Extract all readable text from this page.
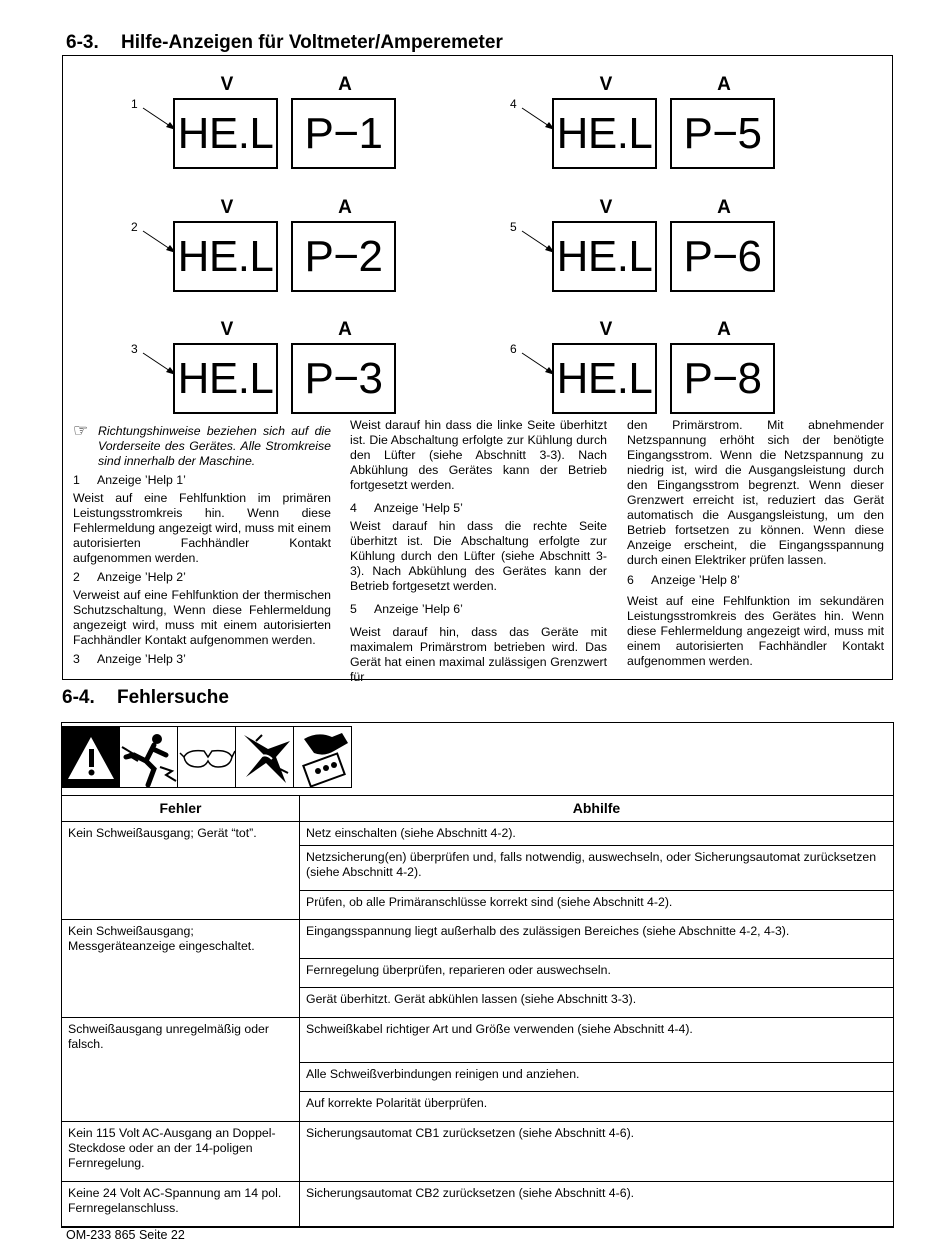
6-3. Hilfe-Anzeigen für Voltmeter/Amperemeter
V	A	V	A
1
HE.L P−1
4
HE.L P−5
V	A	V	A
2
HE.L P−2
5
HE.L P−6
V	A	V	A
3
HE.L P−3
6
HE.L P−8

☞ Richtungshinweise beziehen sich auf die Vorderseite des Gerätes. Alle Stromkreise sind innerhalb der Maschine.

1 Anzeige ’Help 1’

Weist auf eine Fehlfunktion im primären Leistungsstromkreis hin. Wenn diese Fehlermeldung angezeigt wird, muss mit einem autorisierten Fachhändler Kontakt aufgenommen werden.

2 Anzeige ’Help 2’

Verweist auf eine Fehlfunktion der thermischen Schutzschaltung, Wenn diese Fehlermeldung angezeigt wird, muss mit einem autorisierten Fachhändler Kontakt aufgenommen werden.

3 Anzeige ’Help 3’

Weist darauf hin dass die linke Seite überhitzt ist. Die Abschaltung erfolgte zur Kühlung durch den Lüfter (siehe Abschnitt 3-3). Nach Abkühlung des Gerätes kann der Betrieb fortgesetzt werden.

4 Anzeige ’Help 5’

Weist darauf hin dass die rechte Seite überhitzt ist. Die Abschaltung erfolgte zur Kühlung durch den Lüfter (siehe Abschnitt 3-3). Nach Abkühlung des Gerätes kann der Betrieb fortgesetzt werden.

5 Anzeige ’Help 6’

Weist darauf hin, dass das Geräte mit maximalem Primärstrom betrieben wird. Das Gerät hat einen maximal zulässigen Grenzwert für

den Primärstrom. Mit abnehmender Netzspannung erhöht sich der benötigte Eingangsstrom. Wenn die Netzspannung zu niedrig ist, wird die Ausgangsleistung durch den Eingangsstrom begrenzt. Wenn dieser Grenzwert erreicht ist, reduziert das Gerät automatisch die Ausgangsleistung, um den Betrieb fortsetzen zu können. Wenn diese Anzeige erscheint, die Eingangsspannung durch einen Elektriker prüfen lassen.

6 Anzeige ’Help 8’

Weist auf eine Fehlfunktion im sekundären Leistungsstromkreis des Gerätes hin. Wenn diese Fehlermeldung angezeigt wird, muss mit einem autorisierten Fachhändler Kontakt aufgenommen werden.

6-4. Fehlersuche
Fehler	Abhilfe
Kein Schweißausgang; Gerät “tot”.	Netz einschalten (siehe Abschnitt 4-2).
	Netzsicherung(en) überprüfen und, falls notwendig, auswechseln, oder Sicherungsautomat zurücksetzen (siehe Abschnitt 4-2).
	Prüfen, ob alle Primäranschlüsse korrekt sind (siehe Abschnitt 4-2).
Kein Schweißausgang; Messgeräteanzeige eingeschaltet.	Eingangsspannung liegt außerhalb des zulässigen Bereiches (siehe Abschnitte 4-2, 4-3).
	Fernregelung überprüfen, reparieren oder auswechseln.
	Gerät überhitzt. Gerät abkühlen lassen (siehe Abschnitt 3-3).
Schweißausgang unregelmäßig oder falsch.	Schweißkabel richtiger Art und Größe verwenden (siehe Abschnitt 4-4).
	Alle Schweißverbindungen reinigen und anziehen.
	Auf korrekte Polarität überprüfen.
Kein 115 Volt AC-Ausgang an Doppel-Steckdose oder an der 14-poligen Fernregelung.	Sicherungsautomat CB1 zurücksetzen (siehe Abschnitt 4-6).
Keine 24 Volt AC-Spannung am 14 pol. Fernregelanschluss.	Sicherungsautomat CB2 zurücksetzen (siehe Abschnitt 4-6).
OM-233 865 Seite 22
